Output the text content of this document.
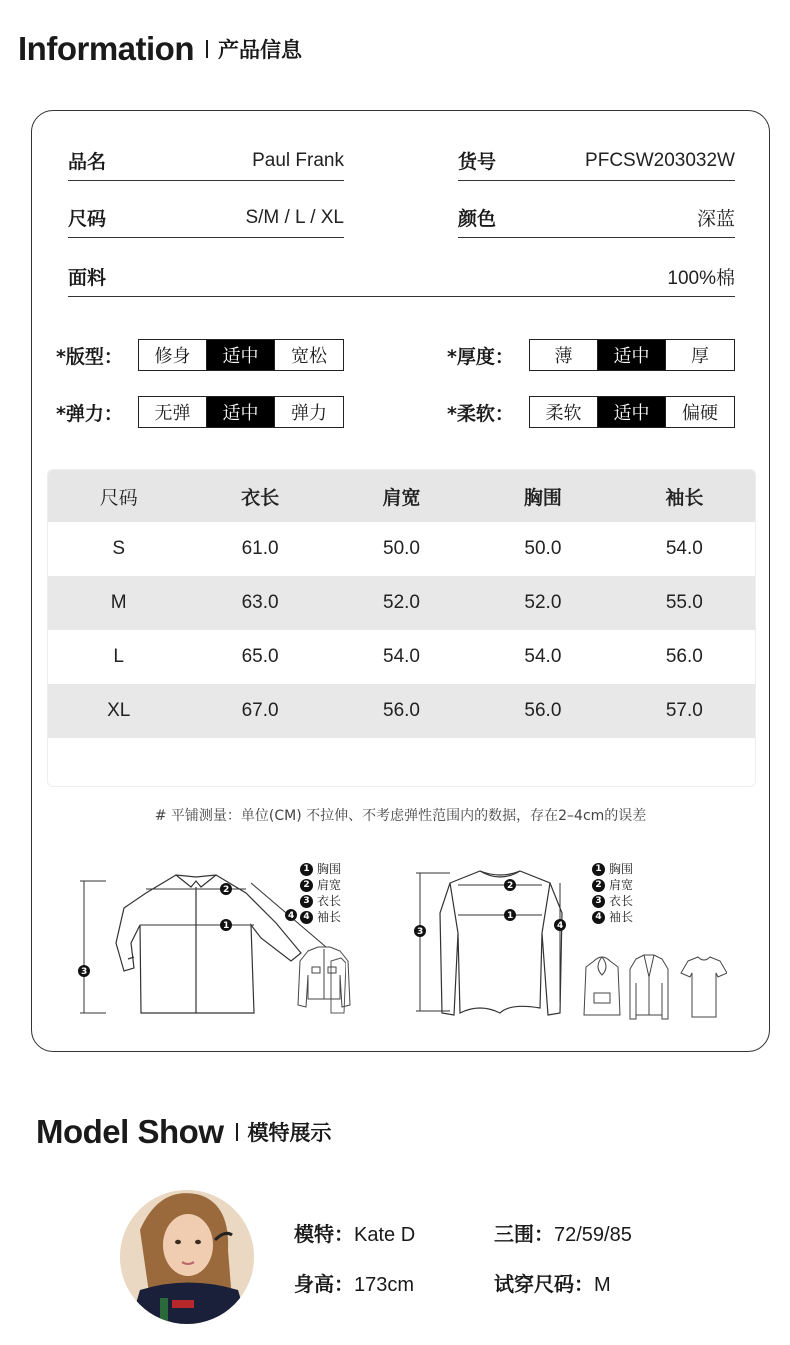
Information 产品信息
品名	Paul Frank	货号	PFCSW203032W
尺码	S/M / L / XL	颜色	深蓝
面料	100%棉
*版型：	修身	适中	宽松	*厚度：	薄	适中	厚
*弹力：	无弹	适中	弹力	*柔软：	柔软	适中	偏硬
尺码	衣长	肩宽	胸围	袖长
S	61.0	50.0	50.0	54.0
M	63.0	52.0	52.0	55.0
L	65.0	54.0	54.0	56.0
XL	67.0	56.0	56.0	57.0
# 平铺测量：单位(CM) 不拉伸、不考虑弹性范围内的数据，存在2–4cm的误差
2
1
3
4
1 胸围
2 肩宽
3 衣长
4 袖长
2
1
3
4
1 胸围
2 肩宽
3 衣长
4 袖长
Model Show 模特展示
模特：Kate D	三围：72/59/85
身高：173cm	试穿尺码：M
